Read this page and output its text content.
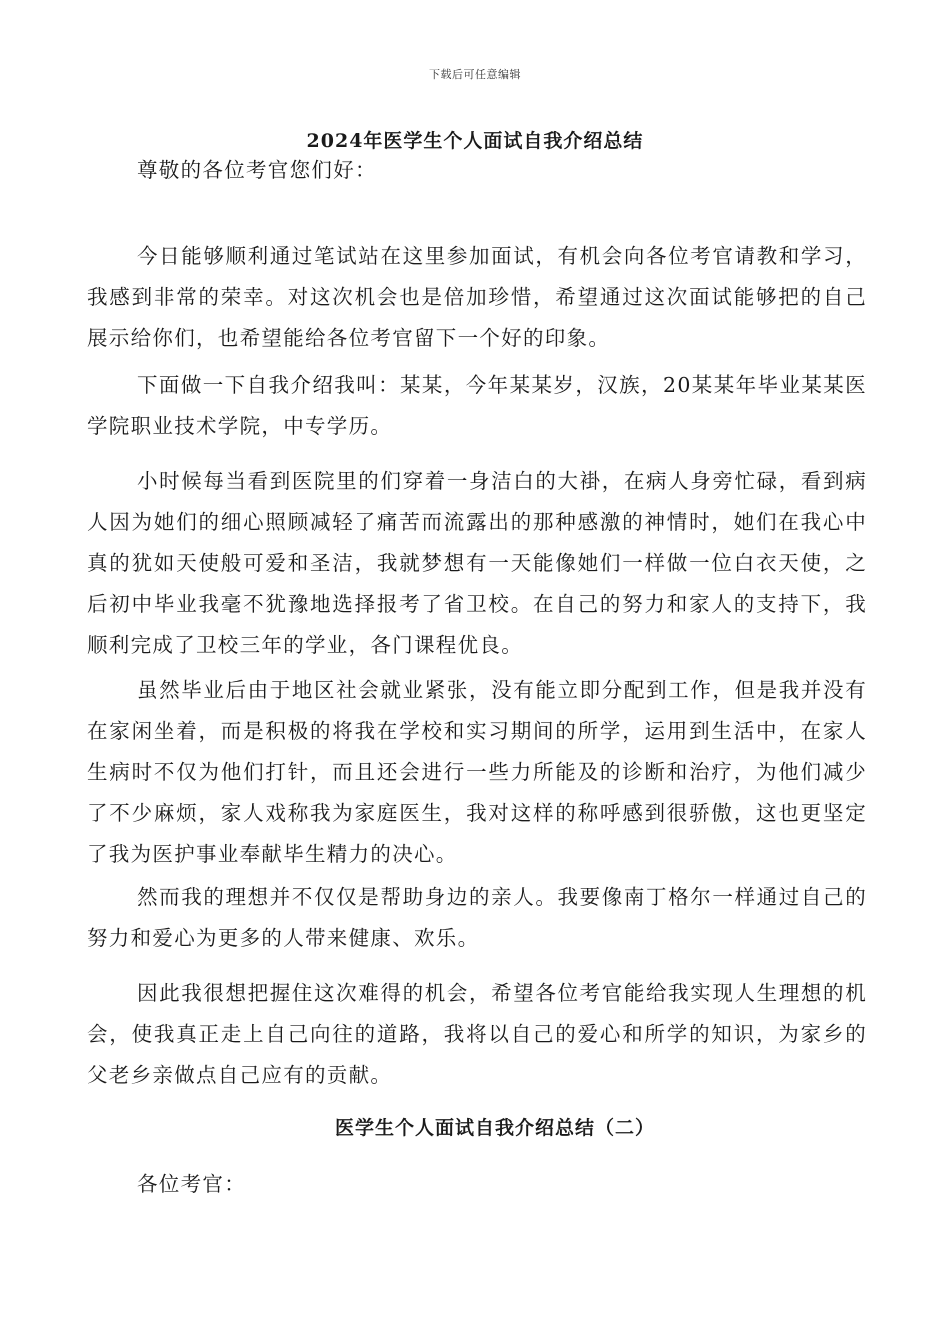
下载后可任意编辑
2024年医学生个人面试自我介绍总结

尊敬的各位考官您们好：

今日能够顺利通过笔试站在这里参加面试，有机会向各位考官请教和学习，我感到非常的荣幸。对这次机会也是倍加珍惜，希望通过这次面试能够把的自己展示给你们，也希望能给各位考官留下一个好的印象。

下面做一下自我介绍我叫：某某，今年某某岁，汉族，20某某年毕业某某医学院职业技术学院，中专学历。

小时候每当看到医院里的们穿着一身洁白的大褂，在病人身旁忙碌，看到病人因为她们的细心照顾减轻了痛苦而流露出的那种感激的神情时，她们在我心中真的犹如天使般可爱和圣洁，我就梦想有一天能像她们一样做一位白衣天使，之后初中毕业我毫不犹豫地选择报考了省卫校。在自己的努力和家人的支持下，我顺利完成了卫校三年的学业，各门课程优良。

虽然毕业后由于地区社会就业紧张，没有能立即分配到工作，但是我并没有在家闲坐着，而是积极的将我在学校和实习期间的所学，运用到生活中，在家人生病时不仅为他们打针，而且还会进行一些力所能及的诊断和治疗，为他们减少了不少麻烦，家人戏称我为家庭医生，我对这样的称呼感到很骄傲，这也更坚定了我为医护事业奉献毕生精力的决心。

然而我的理想并不仅仅是帮助身边的亲人。我要像南丁格尔一样通过自己的努力和爱心为更多的人带来健康、欢乐。

因此我很想把握住这次难得的机会，希望各位考官能给我实现人生理想的机会，使我真正走上自己向往的道路，我将以自己的爱心和所学的知识，为家乡的父老乡亲做点自己应有的贡献。

医学生个人面试自我介绍总结（二）

各位考官：
